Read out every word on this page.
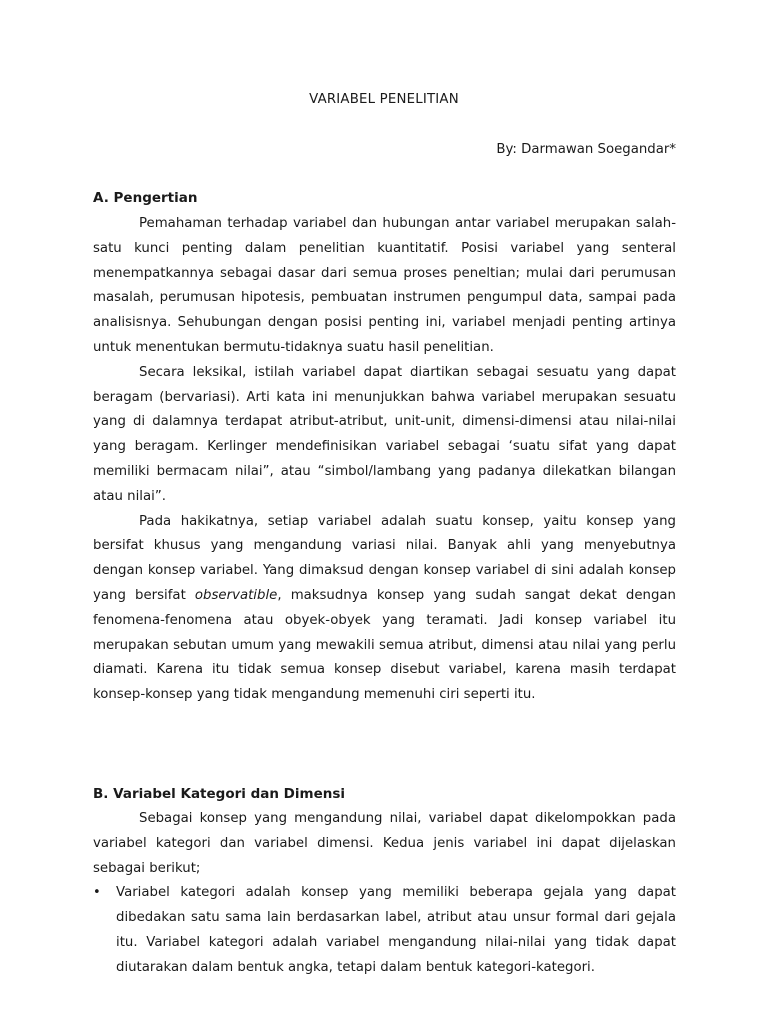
VARIABEL PENELITIAN
By: Darmawan Soegandar*
A. Pengertian

Pemahaman terhadap variabel dan hubungan antar variabel merupakan salah-satu kunci penting dalam penelitian kuantitatif. Posisi variabel yang senteral menempatkannya sebagai dasar dari semua proses peneltian; mulai dari perumusan masalah, perumusan hipotesis, pembuatan instrumen pengumpul data, sampai pada analisisnya. Sehubungan dengan posisi penting ini, variabel menjadi penting artinya untuk menentukan bermutu-tidaknya suatu hasil penelitian.

Secara leksikal, istilah variabel dapat diartikan sebagai sesuatu yang dapat beragam (bervariasi). Arti kata ini menunjukkan bahwa variabel merupakan sesuatu yang di dalamnya terdapat atribut-atribut, unit-unit, dimensi-dimensi atau nilai-nilai yang beragam. Kerlinger mendefinisikan variabel sebagai ‘suatu sifat yang dapat memiliki bermacam nilai”, atau “simbol/lambang yang padanya dilekatkan bilangan atau nilai”.

Pada hakikatnya, setiap variabel adalah suatu konsep, yaitu konsep yang bersifat khusus yang mengandung variasi nilai. Banyak ahli yang menyebutnya dengan konsep variabel. Yang dimaksud dengan konsep variabel di sini adalah konsep yang bersifat observatible, maksudnya konsep yang sudah sangat dekat dengan fenomena-fenomena atau obyek-obyek yang teramati. Jadi konsep variabel itu merupakan sebutan umum yang mewakili semua atribut, dimensi atau nilai yang perlu diamati. Karena itu tidak semua konsep disebut variabel, karena masih terdapat konsep-konsep yang tidak mengandung memenuhi ciri seperti itu.

B. Variabel Kategori dan Dimensi

Sebagai konsep yang mengandung nilai, variabel dapat dikelompokkan pada variabel kategori dan variabel dimensi. Kedua jenis variabel ini dapat dijelaskan sebagai berikut;

• Variabel kategori adalah konsep yang memiliki beberapa gejala yang dapat dibedakan satu sama lain berdasarkan label, atribut atau unsur formal dari gejala itu. Variabel kategori adalah variabel mengandung nilai-nilai yang tidak dapat diutarakan dalam bentuk angka, tetapi dalam bentuk kategori-kategori.
